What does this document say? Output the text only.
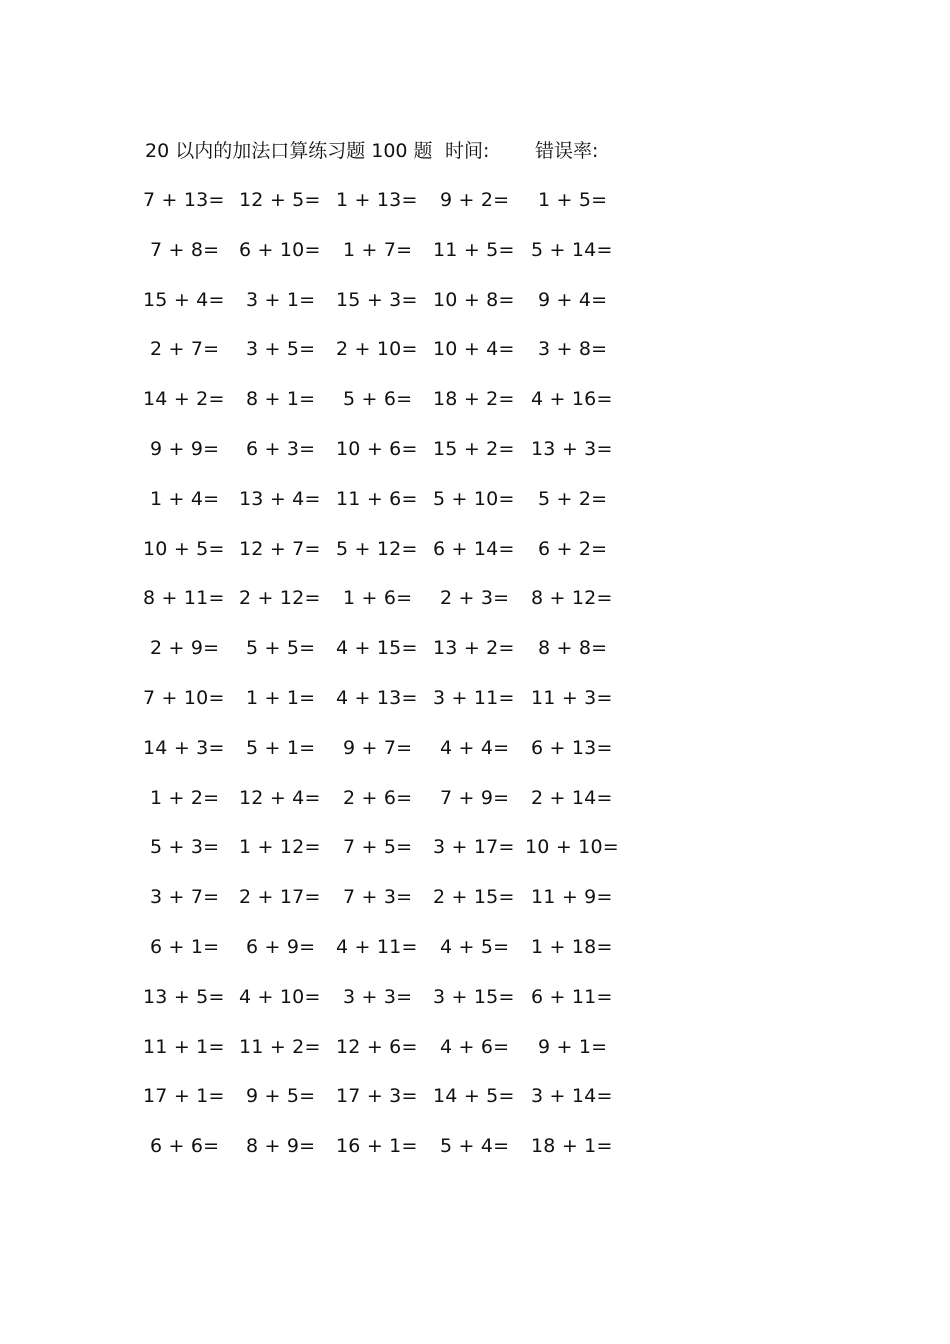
20 以内的加法口算练习题 100 题 时间: 错误率:
7 + 13= 12 + 5= 1 + 13= 9 + 2= 1 + 5=
7 + 8= 6 + 10= 1 + 7= 11 + 5= 5 + 14=
15 + 4= 3 + 1= 15 + 3= 10 + 8= 9 + 4=
2 + 7= 3 + 5= 2 + 10= 10 + 4= 3 + 8=
14 + 2= 8 + 1= 5 + 6= 18 + 2= 4 + 16=
9 + 9= 6 + 3= 10 + 6= 15 + 2= 13 + 3=
1 + 4= 13 + 4= 11 + 6= 5 + 10= 5 + 2=
10 + 5= 12 + 7= 5 + 12= 6 + 14= 6 + 2=
8 + 11= 2 + 12= 1 + 6= 2 + 3= 8 + 12=
2 + 9= 5 + 5= 4 + 15= 13 + 2= 8 + 8=
7 + 10= 1 + 1= 4 + 13= 3 + 11= 11 + 3=
14 + 3= 5 + 1= 9 + 7= 4 + 4= 6 + 13=
1 + 2= 12 + 4= 2 + 6= 7 + 9= 2 + 14=
5 + 3= 1 + 12= 7 + 5= 3 + 17= 10 + 10=
3 + 7= 2 + 17= 7 + 3= 2 + 15= 11 + 9=
6 + 1= 6 + 9= 4 + 11= 4 + 5= 1 + 18=
13 + 5= 4 + 10= 3 + 3= 3 + 15= 6 + 11=
11 + 1= 11 + 2= 12 + 6= 4 + 6= 9 + 1=
17 + 1= 9 + 5= 17 + 3= 14 + 5= 3 + 14=
6 + 6= 8 + 9= 16 + 1= 5 + 4= 18 + 1=
